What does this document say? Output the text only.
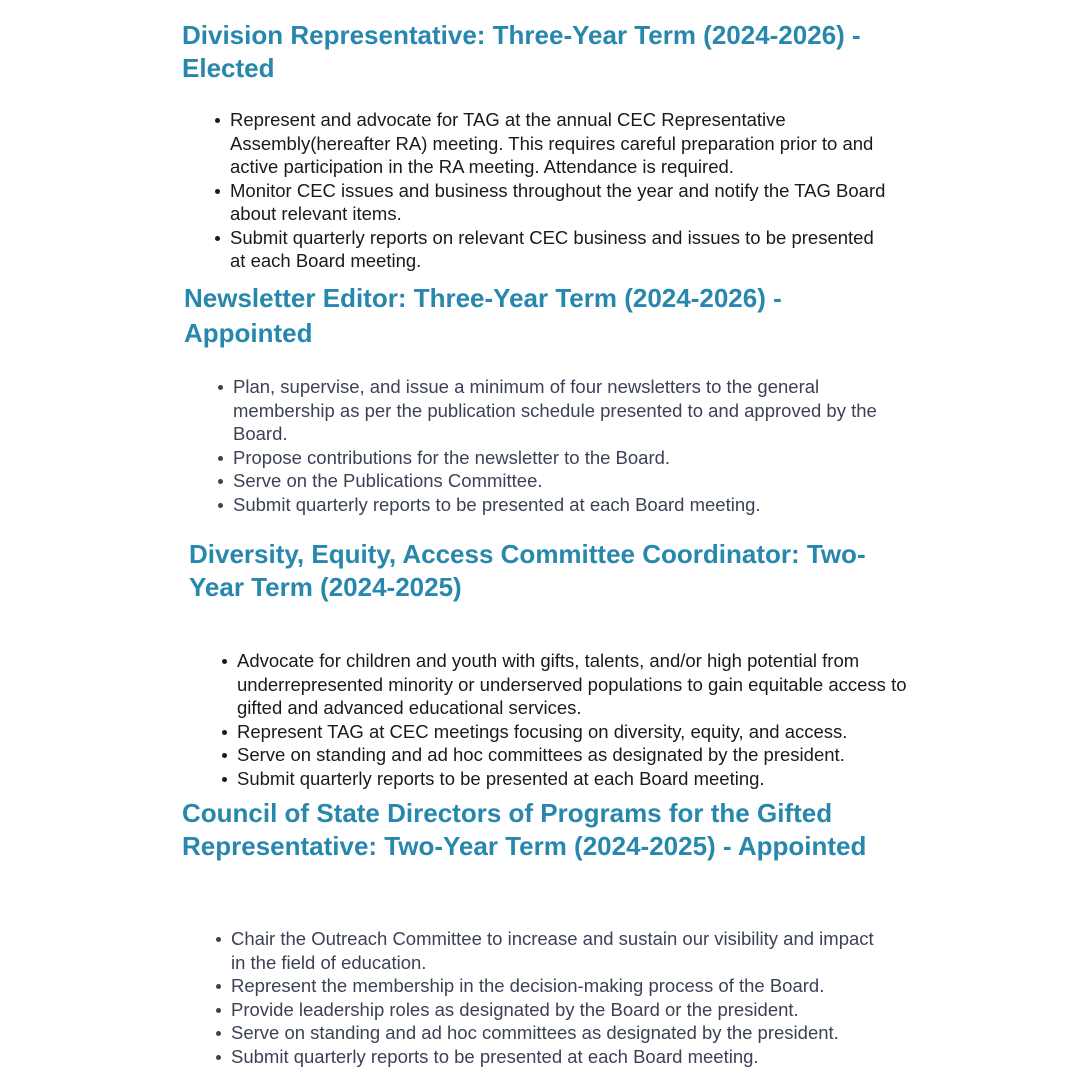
Division Representative: Three-Year Term (2024-2026) - Elected
Represent and advocate for TAG at the annual CEC Representative Assembly(hereafter RA) meeting. This requires careful preparation prior to and active participation in the RA meeting. Attendance is required.
Monitor CEC issues and business throughout the year and notify the TAG Board about relevant items.
Submit quarterly reports on relevant CEC business and issues to be presented at each Board meeting.
Newsletter Editor: Three-Year Term (2024-2026) - Appointed
Plan, supervise, and issue a minimum of four newsletters to the general membership as per the publication schedule presented to and approved by the Board.
Propose contributions for the newsletter to the Board.
Serve on the Publications Committee.
Submit quarterly reports to be presented at each Board meeting.
Diversity, Equity, Access Committee Coordinator: Two-Year Term (2024-2025)
Advocate for children and youth with gifts, talents, and/or high potential from underrepresented minority or underserved populations to gain equitable access to gifted and advanced educational services.
Represent TAG at CEC meetings focusing on diversity, equity, and access.
Serve on standing and ad hoc committees as designated by the president.
Submit quarterly reports to be presented at each Board meeting.
Council of State Directors of Programs for the Gifted Representative: Two-Year Term (2024-2025) - Appointed
Chair the Outreach Committee to increase and sustain our visibility and impact in the field of education.
Represent the membership in the decision-making process of the Board.
Provide leadership roles as designated by the Board or the president.
Serve on standing and ad hoc committees as designated by the president.
Submit quarterly reports to be presented at each Board meeting.
